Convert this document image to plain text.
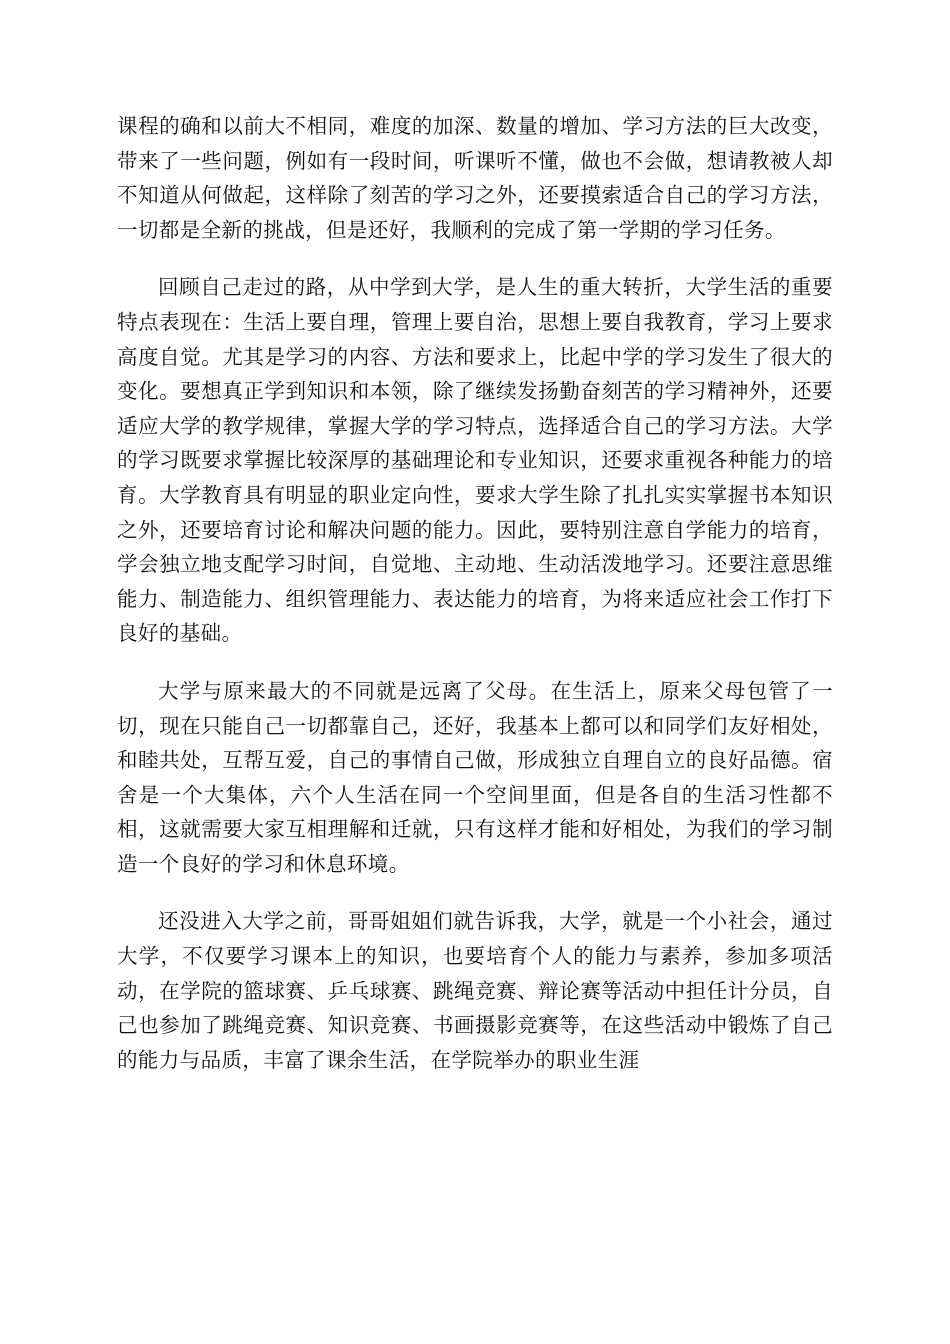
课程的确和以前大不相同，难度的加深、数量的增加、学习方法的巨大改变，带来了一些问题，例如有一段时间，听课听不懂，做也不会做，想请教被人却不知道从何做起，这样除了刻苦的学习之外，还要摸索适合自己的学习方法，一切都是全新的挑战，但是还好，我顺利的完成了第一学期的学习任务。

回顾自己走过的路，从中学到大学，是人生的重大转折，大学生活的重要特点表现在：生活上要自理，管理上要自治，思想上要自我教育，学习上要求高度自觉。尤其是学习的内容、方法和要求上，比起中学的学习发生了很大的变化。要想真正学到知识和本领，除了继续发扬勤奋刻苦的学习精神外，还要适应大学的教学规律，掌握大学的学习特点，选择适合自己的学习方法。大学的学习既要求掌握比较深厚的基础理论和专业知识，还要求重视各种能力的培育。大学教育具有明显的职业定向性，要求大学生除了扎扎实实掌握书本知识之外，还要培育讨论和解决问题的能力。因此，要特别注意自学能力的培育，学会独立地支配学习时间，自觉地、主动地、生动活泼地学习。还要注意思维能力、制造能力、组织管理能力、表达能力的培育，为将来适应社会工作打下良好的基础。

大学与原来最大的不同就是远离了父母。在生活上，原来父母包管了一切，现在只能自己一切都靠自己，还好，我基本上都可以和同学们友好相处，和睦共处，互帮互爱，自己的事情自己做，形成独立自理自立的良好品德。宿舍是一个大集体，六个人生活在同一个空间里面，但是各自的生活习性都不相，这就需要大家互相理解和迁就，只有这样才能和好相处，为我们的学习制造一个良好的学习和休息环境。

还没进入大学之前，哥哥姐姐们就告诉我，大学，就是一个小社会，通过大学，不仅要学习课本上的知识，也要培育个人的能力与素养，参加多项活动，在学院的篮球赛、乒乓球赛、跳绳竞赛、辩论赛等活动中担任计分员，自己也参加了跳绳竞赛、知识竞赛、书画摄影竞赛等，在这些活动中锻炼了自己的能力与品质，丰富了课余生活，在学院举办的职业生涯
